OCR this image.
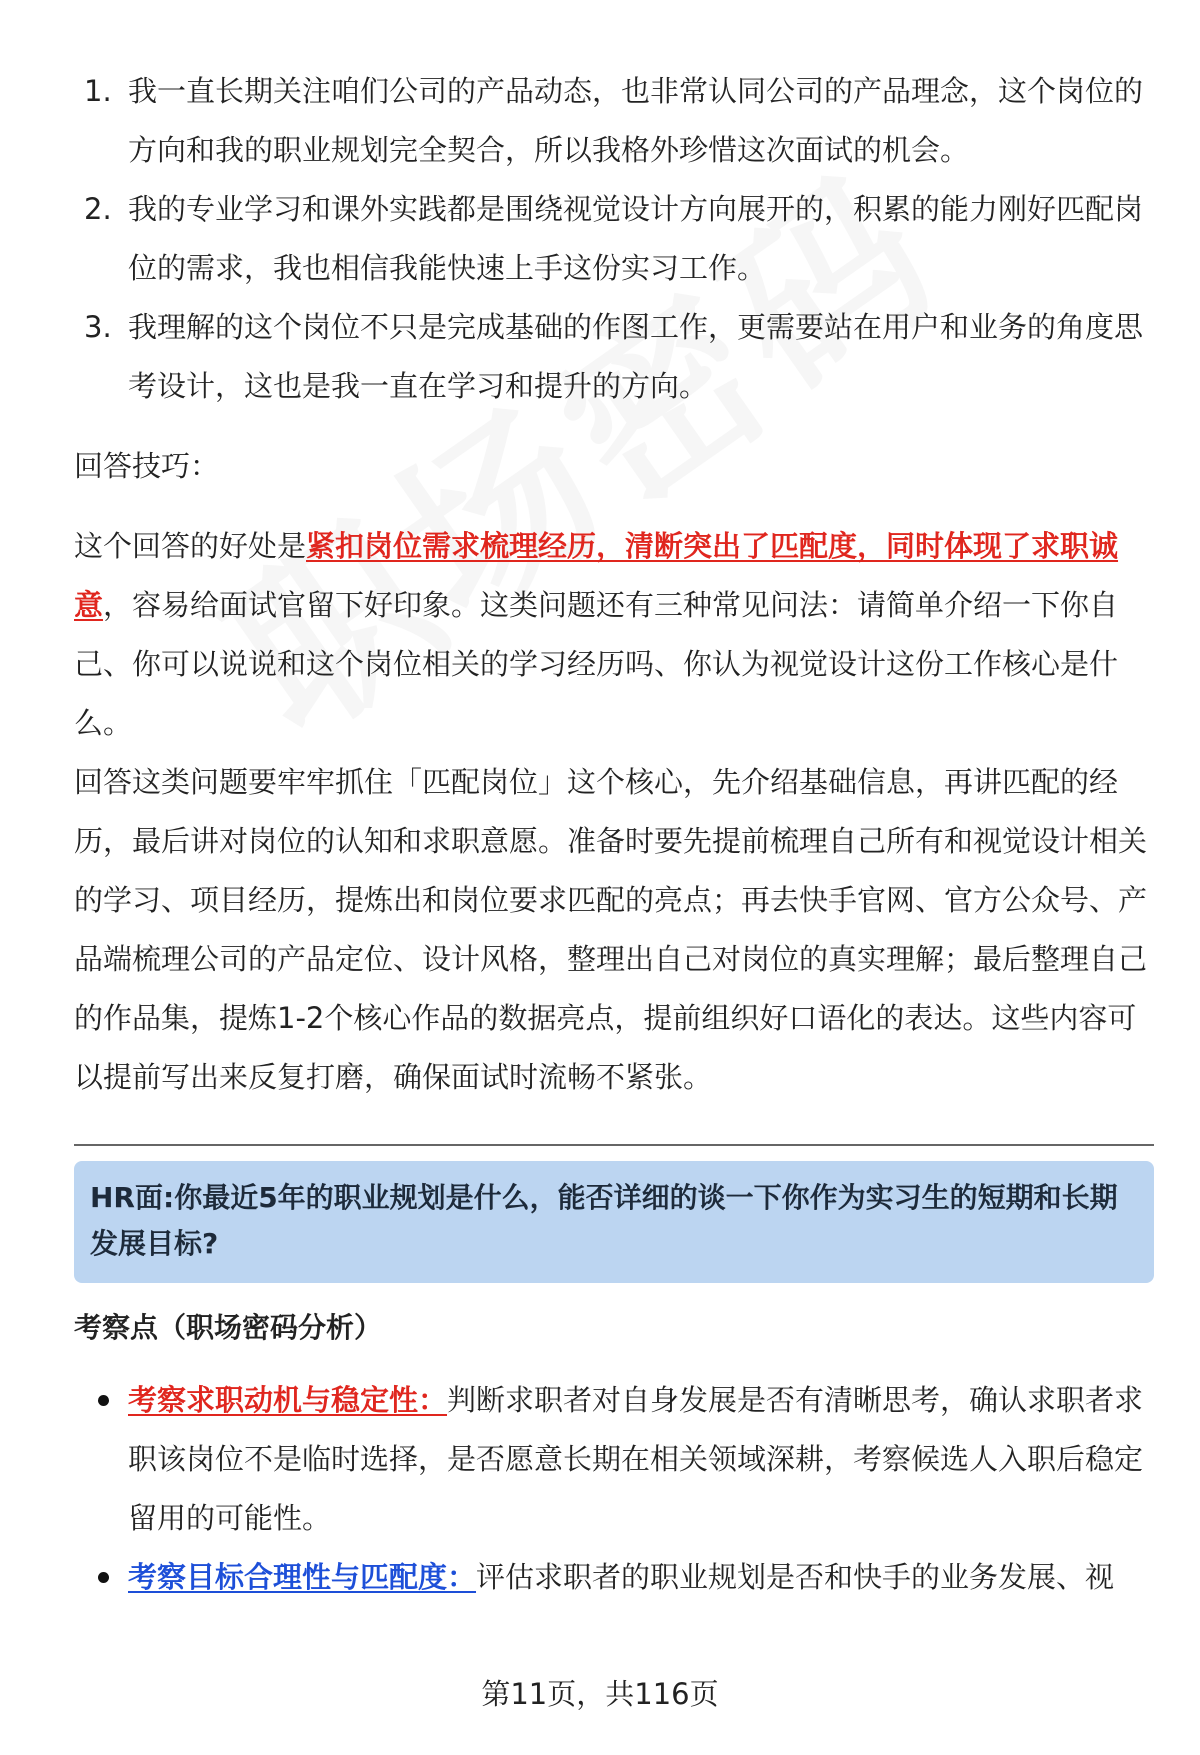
1. 我一直长期关注咱们公司的产品动态，也非常认同公司的产品理念，这个岗位的方向和我的职业规划完全契合，所以我格外珍惜这次面试的机会。
2. 我的专业学习和课外实践都是围绕视觉设计方向展开的，积累的能力刚好匹配岗位的需求，我也相信我能快速上手这份实习工作。
3. 我理解的这个岗位不只是完成基础的作图工作，更需要站在用户和业务的角度思考设计，这也是我一直在学习和提升的方向。

回答技巧：

这个回答的好处是紧扣岗位需求梳理经历，清断突出了匹配度，同时体现了求职诚意，容易给面试官留下好印象。这类问题还有三种常见问法：请简单介绍一下你自己、你可以说说和这个岗位相关的学习经历吗、你认为视觉设计这份工作核心是什么。

回答这类问题要牢牢抓住「匹配岗位」这个核心，先介绍基础信息，再讲匹配的经历，最后讲对岗位的认知和求职意愿。准备时要先提前梳理自己所有和视觉设计相关的学习、项目经历，提炼出和岗位要求匹配的亮点；再去快手官网、官方公众号、产品端梳理公司的产品定位、设计风格，整理出自己对岗位的真实理解；最后整理自己的作品集，提炼1-2个核心作品的数据亮点，提前组织好口语化的表达。这些内容可以提前写出来反复打磨，确保面试时流畅不紧张。

HR面:你最近5年的职业规划是什么，能否详细的谈一下你作为实习生的短期和长期发展目标?
考察点（职场密码分析）
考察求职动机与稳定性：判断求职者对自身发展是否有清晰思考，确认求职者求职该岗位不是临时选择，是否愿意长期在相关领域深耕，考察候选人入职后稳定留用的可能性。
考察目标合理性与匹配度：评估求职者的职业规划是否和快手的业务发展、视
第11页，共116页
